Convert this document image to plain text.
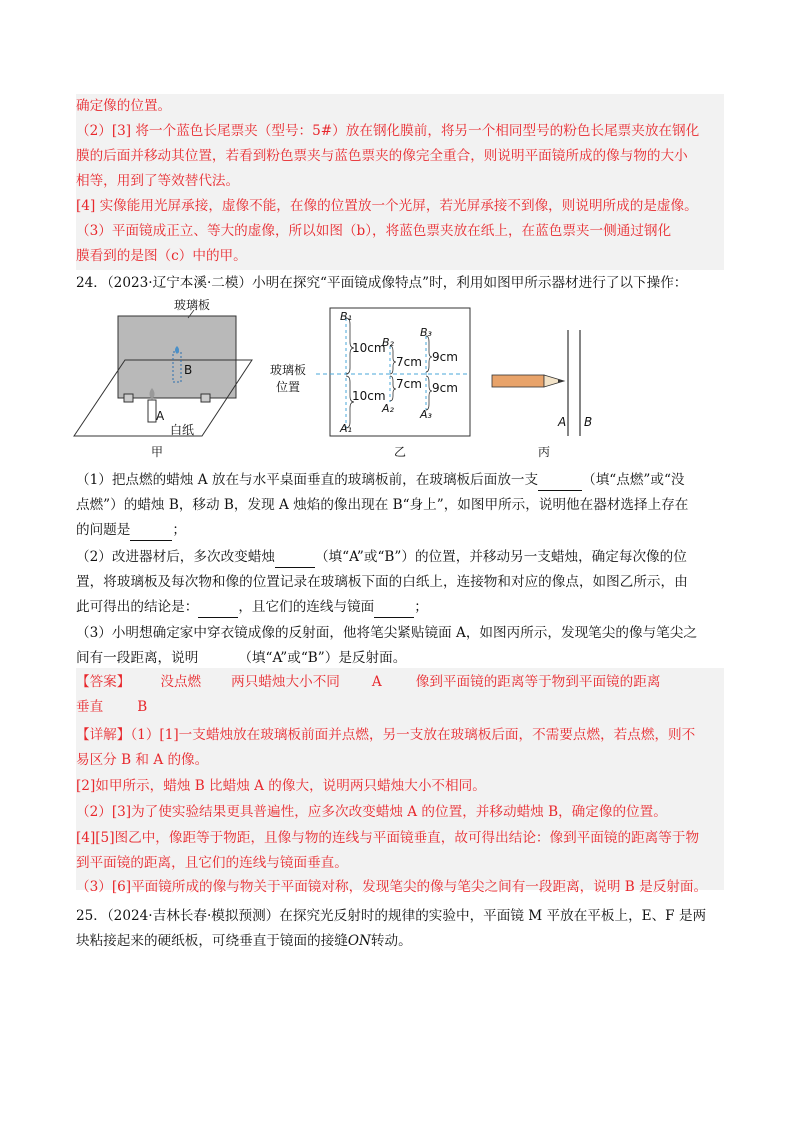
确定像的位置。
（2）[3] 将一个蓝色长尾票夹（型号：5#）放在钢化膜前，将另一个相同型号的粉色长尾票夹放在钢化
膜的后面并移动其位置，若看到粉色票夹与蓝色票夹的像完全重合，则说明平面镜所成的像与物的大小
相等，用到了等效替代法。
[4] 实像能用光屏承接，虚像不能，在像的位置放一个光屏，若光屏承接不到像，则说明所成的是虚像。
（3）平面镜成正立、等大的虚像，所以如图（b），将蓝色票夹放在纸上，在蓝色票夹一侧通过钢化
膜看到的是图（c）中的甲。
24．（2023·辽宁本溪·二模）小明在探究“平面镜成像特点”时，利用如图甲所示器材进行了以下操作：
玻璃板
B
A
白纸
甲
玻璃板
位置
B₁
B₂
B₃
A₁
A₂ A₃
10cm
7cm 9cm
10cm
7cm 9cm
乙
A B
丙
（1）把点燃的蜡烛 A 放在与水平桌面垂直的玻璃板前，在玻璃板后面放一支	（填“点燃”或“没
点燃”）的蜡烛 B，移动 B，发现 A 烛焰的像出现在 B“身上”，如图甲所示，说明他在器材选择上存在
的问题是	；
（2）改进器材后，多次改变蜡烛	（填“A”或“B”）的位置，并移动另一支蜡烛，确定每次像的位
置，将玻璃板及每次物和像的位置记录在玻璃板下面的白纸上，连接物和对应的像点，如图乙所示，由
此可得出的结论是：	，且它们的连线与镜面	；
（3）小明想确定家中穿衣镜成像的反射面，他将笔尖紧贴镜面 A，如图丙所示，发现笔尖的像与笔尖之
间有一段距离，说明	（填“A”或“B”）是反射面。
【答案】 没点燃 两只蜡烛大小不同 A	像到平面镜的距离等于物到平面镜的距离
垂直	B
【详解】（1）[1]一支蜡烛放在玻璃板前面并点燃，另一支放在玻璃板后面，不需要点燃，若点燃，则不
易区分 B 和 A 的像。
[2]如甲所示，蜡烛 B 比蜡烛 A 的像大，说明两只蜡烛大小不相同。
（2）[3]为了使实验结果更具普遍性，应多次改变蜡烛 A 的位置，并移动蜡烛 B，确定像的位置。
[4][5]图乙中，像距等于物距，且像与物的连线与平面镜垂直，故可得出结论：像到平面镜的距离等于物
到平面镜的距离，且它们的连线与镜面垂直。
（3）[6]平面镜所成的像与物关于平面镜对称，发现笔尖的像与笔尖之间有一段距离，说明 B 是反射面。
25．（2024·吉林长春·模拟预测）在探究光反射时的规律的实验中，平面镜 M 平放在平板上，E、F 是两
块粘接起来的硬纸板，可绕垂直于镜面的接缝ON转动。
